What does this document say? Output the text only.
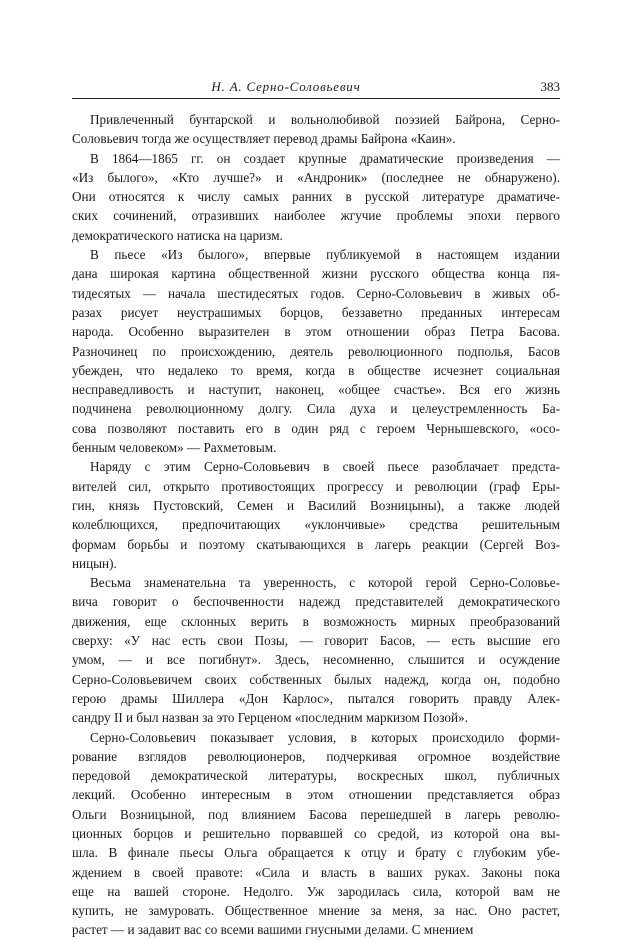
Н. А. Серно-Соловьевич	383
Привлеченный бунтарской и вольнолюбивой поэзией Байрона, Серно-
Соловьевич тогда же осуществляет перевод драмы Байрона «Каин».
В 1864—1865 гг. он создает крупные драматические произведения —
«Из былого», «Кто лучше?» и «Андроник» (последнее не обнаружено).
Они относятся к числу самых ранних в русской литературе драматиче-
ских сочинений, отразивших наиболее жгучие проблемы эпохи первого
демократического натиска на царизм.
В пьесе «Из былого», впервые публикуемой в настоящем издании
дана широкая картина общественной жизни русского общества конца пя-
тидесятых — начала шестидесятых годов. Серно-Соловьевич в живых об-
разах рисует неустрашимых борцов, беззаветно преданных интересам
народа. Особенно выразителен в этом отношении образ Петра Басова.
Разночинец по происхождению, деятель революционного подполья, Басов
убежден, что недалеко то время, когда в обществе исчезнет социальная
несправедливость и наступит, наконец, «общее счастье». Вся его жизнь
подчинена революционному долгу. Сила духа и целеустремленность Ба-
сова позволяют поставить его в один ряд с героем Чернышевского, «осо-
бенным человеком» — Рахметовым.
Наряду с этим Серно-Соловьевич в своей пьесе разоблачает предста-
вителей сил, открыто противостоящих прогрессу и революции (граф Еры-
гин, князь Пустовский, Семен и Василий Возницыны), а также людей
колеблющихся, предпочитающих «уклончивые» средства решительным
формам борьбы и поэтому скатывающихся в лагерь реакции (Сергей Воз-
ницын).
Весьма знаменательна та уверенность, с которой герой Серно-Соловье-
вича говорит о беспочвенности надежд представителей демократического
движения, еще склонных верить в возможность мирных преобразований
сверху: «У нас есть свои Позы, — говорит Басов, — есть высшие его
умом, — и все погибнут». Здесь, несомненно, слышится и осуждение
Серно-Соловьевичем своих собственных былых надежд, когда он, подобно
герою драмы Шиллера «Дон Карлос», пытался говорить правду Алек-
сандру II и был назван за это Герценом «последним маркизом Позой».
Серно-Соловьевич показывает условия, в которых происходило форми-
рование взглядов революционеров, подчеркивая огромное воздействие
передовой демократической литературы, воскресных школ, публичных
лекций. Особенно интересным в этом отношении представляется образ
Ольги Возницыной, под влиянием Басова перешедшей в лагерь револю-
ционных борцов и решительно порвавшей со средой, из которой она вы-
шла. В финале пьесы Ольга обращается к отцу и брату с глубоким убе-
ждением в своей правоте: «Сила и власть в ваших руках. Законы пока
еще на вашей стороне. Недолго. Уж зародилась сила, которой вам не
купить, не замуровать. Общественное мнение за меня, за нас. Оно растет,
растет — и задавит вас со всеми вашими гнусными делами. С мнением
